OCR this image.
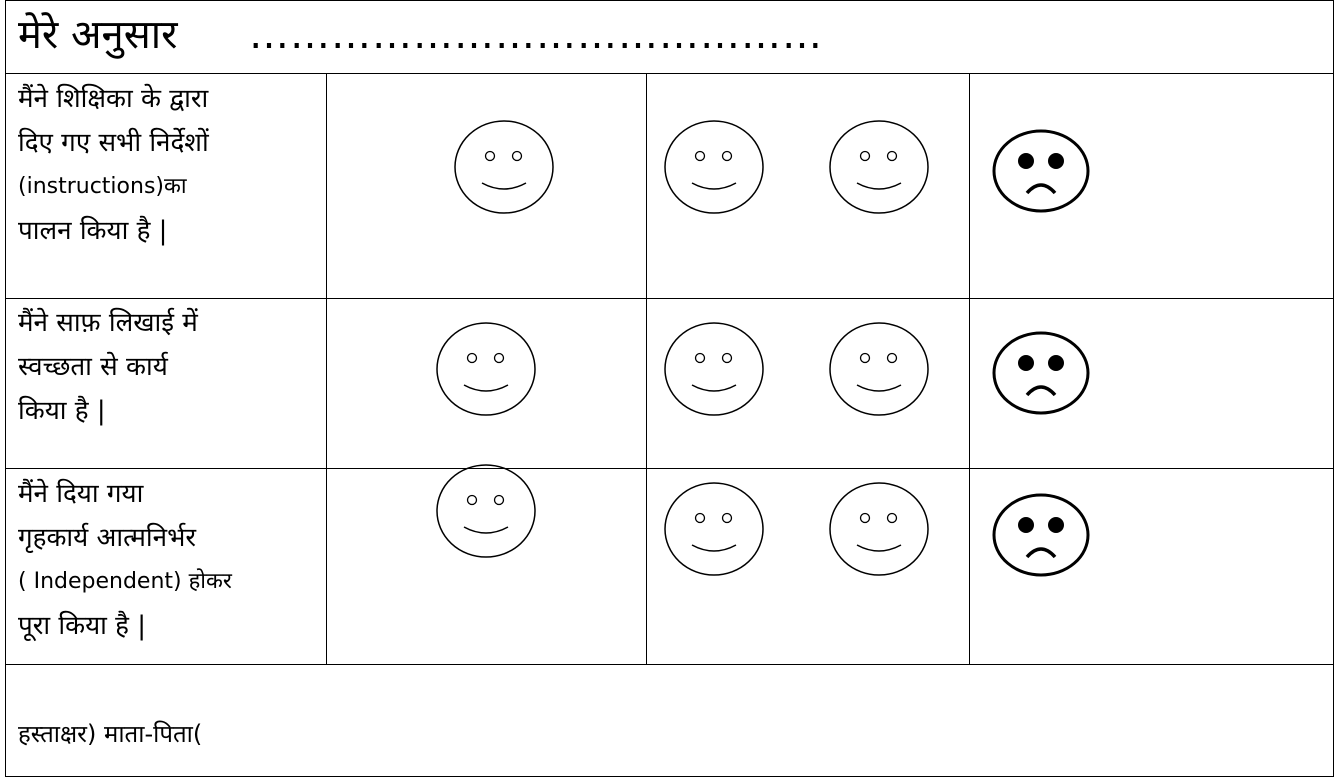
मेरे अनुसार ……………………………………
मैंने शिक्षिका के द्वारा
दिए गए सभी निर्देशों
(instructions)का
पालन किया है |
मैंने साफ़ लिखाई में
स्वच्छता से कार्य
किया है |
मैंने दिया गया
गृहकार्य आत्मनिर्भर
( Independent) होकर
पूरा किया है |
हस्ताक्षर) माता-पिता(
